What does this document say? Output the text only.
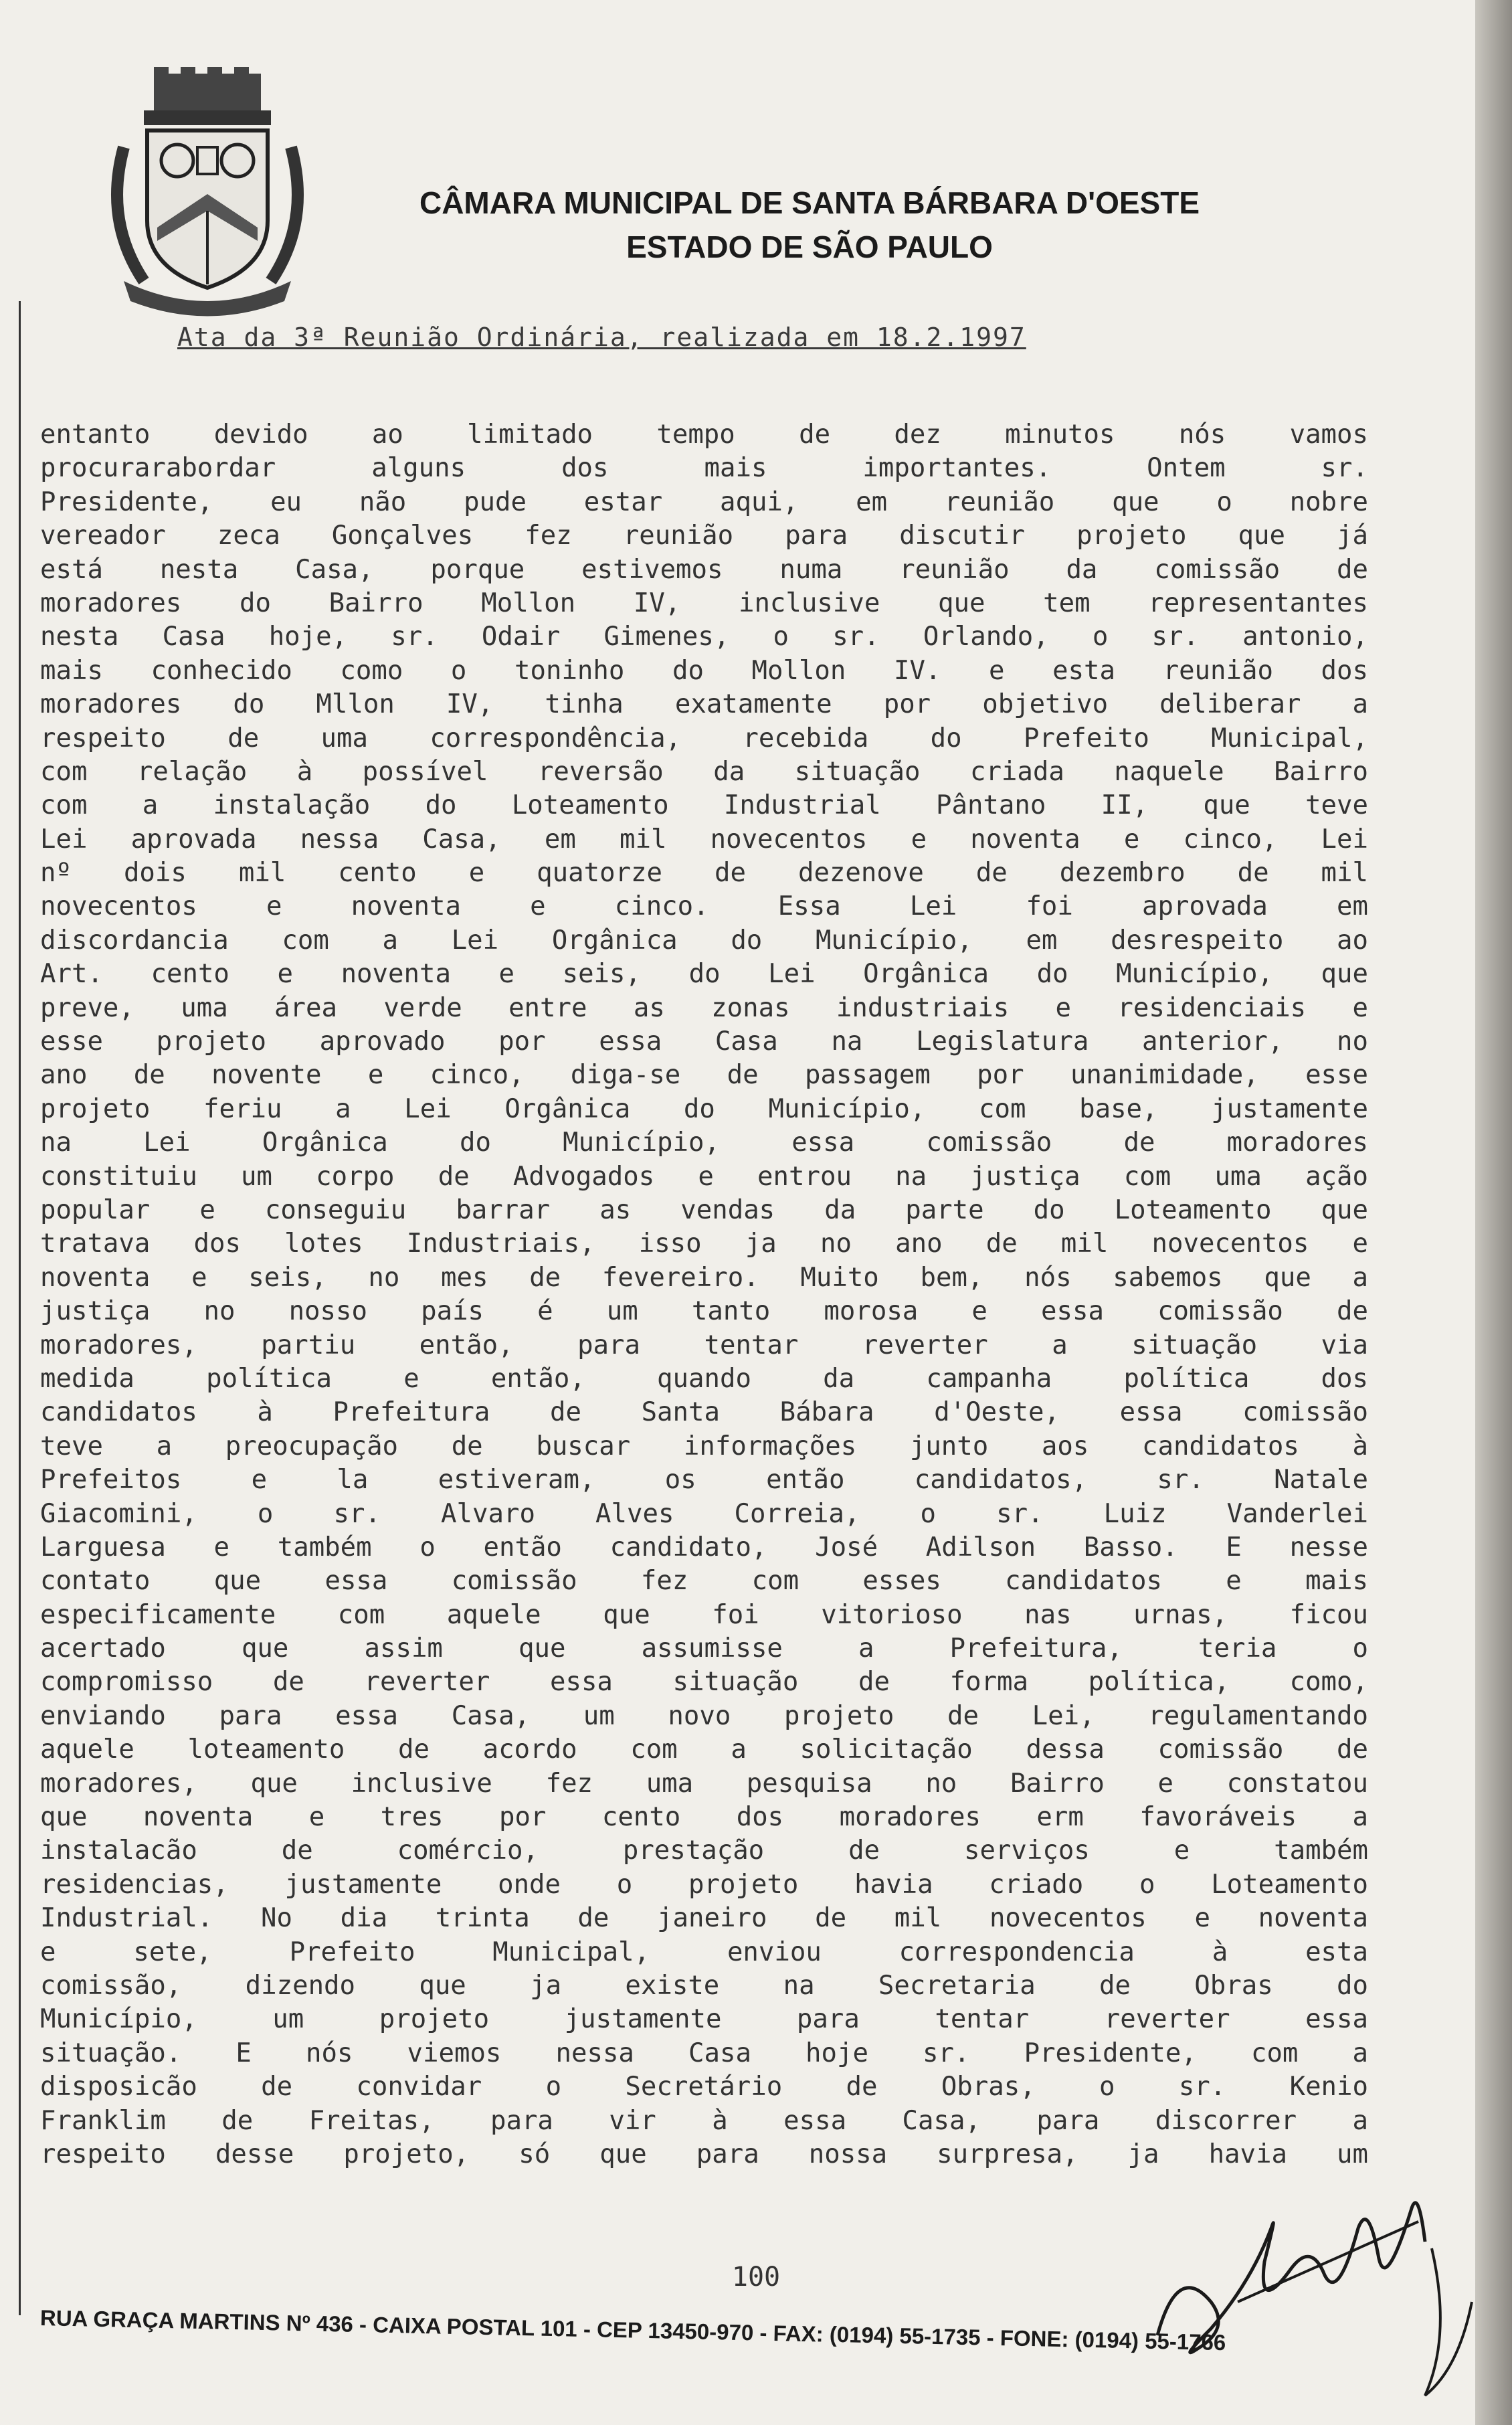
CÂMARA MUNICIPAL DE SANTA BÁRBARA D'OESTE
ESTADO DE SÃO PAULO
Ata da 3ª Reunião Ordinária, realizada em 18.2.1997
entanto devido ao limitado tempo de dez minutos nós vamos
procurarabordar alguns dos mais importantes. Ontem sr.
Presidente, eu não pude estar aqui, em reunião que o nobre
vereador zeca Gonçalves fez reunião para discutir projeto que já
está nesta Casa, porque estivemos numa reunião da comissão de
moradores do Bairro Mollon IV, inclusive que tem representantes
nesta Casa hoje, sr. Odair Gimenes, o sr. Orlando, o sr. antonio,
mais conhecido como o toninho do Mollon IV. e esta reunião dos
moradores do Mllon IV, tinha exatamente por objetivo deliberar a
respeito de uma correspondência, recebida do Prefeito Municipal,
com relação à possível reversão da situação criada naquele Bairro
com a instalação do Loteamento Industrial Pântano II, que teve
Lei aprovada nessa Casa, em mil novecentos e noventa e cinco, Lei
nº dois mil cento e quatorze de dezenove de dezembro de mil
novecentos e noventa e cinco. Essa Lei foi aprovada em
discordancia com a Lei Orgânica do Município, em desrespeito ao
Art. cento e noventa e seis, do Lei Orgânica do Município, que
preve, uma área verde entre as zonas industriais e residenciais e
esse projeto aprovado por essa Casa na Legislatura anterior, no
ano de novente e cinco, diga-se de passagem por unanimidade, esse
projeto feriu a Lei Orgânica do Município, com base, justamente
na Lei Orgânica do Município, essa comissão de moradores
constituiu um corpo de Advogados e entrou na justiça com uma ação
popular e conseguiu barrar as vendas da parte do Loteamento que
tratava dos lotes Industriais, isso ja no ano de mil novecentos e
noventa e seis, no mes de fevereiro. Muito bem, nós sabemos que a
justiça no nosso país é um tanto morosa e essa comissão de
moradores, partiu então, para tentar reverter a situação via
medida política e então, quando da campanha política dos
candidatos à Prefeitura de Santa Bábara d'Oeste, essa comissão
teve a preocupação de buscar informações junto aos candidatos à
Prefeitos e la estiveram, os então candidatos, sr. Natale
Giacomini, o sr. Alvaro Alves Correia, o sr. Luiz Vanderlei
Larguesa e também o então candidato, José Adilson Basso. E nesse
contato que essa comissão fez com esses candidatos e mais
especificamente com aquele que foi vitorioso nas urnas, ficou
acertado que assim que assumisse a Prefeitura, teria o
compromisso de reverter essa situação de forma política, como,
enviando para essa Casa, um novo projeto de Lei, regulamentando
aquele loteamento de acordo com a solicitação dessa comissão de
moradores, que inclusive fez uma pesquisa no Bairro e constatou
que noventa e tres por cento dos moradores erm favoráveis a
instalacão de comércio, prestação de serviços e também
residencias, justamente onde o projeto havia criado o Loteamento
Industrial. No dia trinta de janeiro de mil novecentos e noventa
e sete, Prefeito Municipal, enviou correspondencia à esta
comissão, dizendo que ja existe na Secretaria de Obras do
Município, um projeto justamente para tentar reverter essa
situação. E nós viemos nessa Casa hoje sr. Presidente, com a
disposicão de convidar o Secretário de Obras, o sr. Kenio
Franklim de Freitas, para vir à essa Casa, para discorrer a
respeito desse projeto, só que para nossa surpresa, ja havia um
100
RUA GRAÇA MARTINS Nº 436 - CAIXA POSTAL 101 - CEP 13450-970 - FAX: (0194) 55-1735 - FONE: (0194) 55-1766
